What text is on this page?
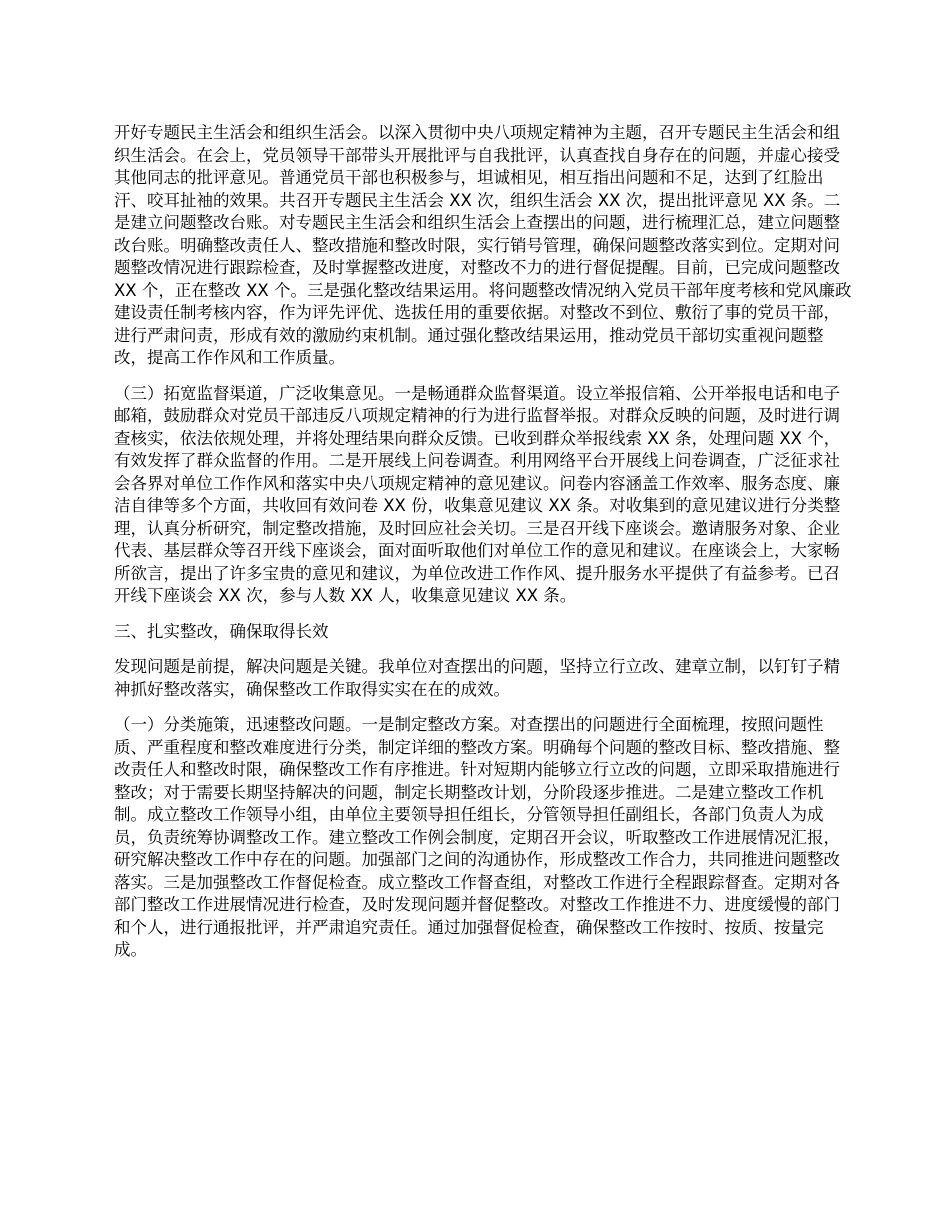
开好专题民主生活会和组织生活会。以深入贯彻中央八项规定精神为主题，召开专题民主生活会和组织生活会。在会上，党员领导干部带头开展批评与自我批评，认真查找自身存在的问题，并虚心接受其他同志的批评意见。普通党员干部也积极参与，坦诚相见，相互指出问题和不足，达到了红脸出汗、咬耳扯袖的效果。共召开专题民主生活会 XX 次，组织生活会 XX 次，提出批评意见 XX 条。二是建立问题整改台账。对专题民主生活会和组织生活会上查摆出的问题，进行梳理汇总，建立问题整改台账。明确整改责任人、整改措施和整改时限，实行销号管理，确保问题整改落实到位。定期对问题整改情况进行跟踪检查，及时掌握整改进度，对整改不力的进行督促提醒。目前，已完成问题整改 XX 个，正在整改 XX 个。三是强化整改结果运用。将问题整改情况纳入党员干部年度考核和党风廉政建设责任制考核内容，作为评先评优、选拔任用的重要依据。对整改不到位、敷衍了事的党员干部，进行严肃问责，形成有效的激励约束机制。通过强化整改结果运用，推动党员干部切实重视问题整改，提高工作作风和工作质量。

（三）拓宽监督渠道，广泛收集意见。一是畅通群众监督渠道。设立举报信箱、公开举报电话和电子邮箱，鼓励群众对党员干部违反八项规定精神的行为进行监督举报。对群众反映的问题，及时进行调查核实，依法依规处理，并将处理结果向群众反馈。已收到群众举报线索 XX 条，处理问题 XX 个，有效发挥了群众监督的作用。二是开展线上问卷调查。利用网络平台开展线上问卷调查，广泛征求社会各界对单位工作作风和落实中央八项规定精神的意见建议。问卷内容涵盖工作效率、服务态度、廉洁自律等多个方面，共收回有效问卷 XX 份，收集意见建议 XX 条。对收集到的意见建议进行分类整理，认真分析研究，制定整改措施，及时回应社会关切。三是召开线下座谈会。邀请服务对象、企业代表、基层群众等召开线下座谈会，面对面听取他们对单位工作的意见和建议。在座谈会上，大家畅所欲言，提出了许多宝贵的意见和建议，为单位改进工作作风、提升服务水平提供了有益参考。已召开线下座谈会 XX 次，参与人数 XX 人，收集意见建议 XX 条。

三、扎实整改，确保取得长效

发现问题是前提，解决问题是关键。我单位对查摆出的问题，坚持立行立改、建章立制，以钉钉子精神抓好整改落实，确保整改工作取得实实在在的成效。

（一）分类施策，迅速整改问题。一是制定整改方案。对查摆出的问题进行全面梳理，按照问题性质、严重程度和整改难度进行分类，制定详细的整改方案。明确每个问题的整改目标、整改措施、整改责任人和整改时限，确保整改工作有序推进。针对短期内能够立行立改的问题，立即采取措施进行整改；对于需要长期坚持解决的问题，制定长期整改计划，分阶段逐步推进。二是建立整改工作机制。成立整改工作领导小组，由单位主要领导担任组长，分管领导担任副组长，各部门负责人为成员，负责统筹协调整改工作。建立整改工作例会制度，定期召开会议，听取整改工作进展情况汇报，研究解决整改工作中存在的问题。加强部门之间的沟通协作，形成整改工作合力，共同推进问题整改落实。三是加强整改工作督促检查。成立整改工作督查组，对整改工作进行全程跟踪督查。定期对各部门整改工作进展情况进行检查，及时发现问题并督促整改。对整改工作推进不力、进度缓慢的部门和个人，进行通报批评，并严肃追究责任。通过加强督促检查，确保整改工作按时、按质、按量完成。
